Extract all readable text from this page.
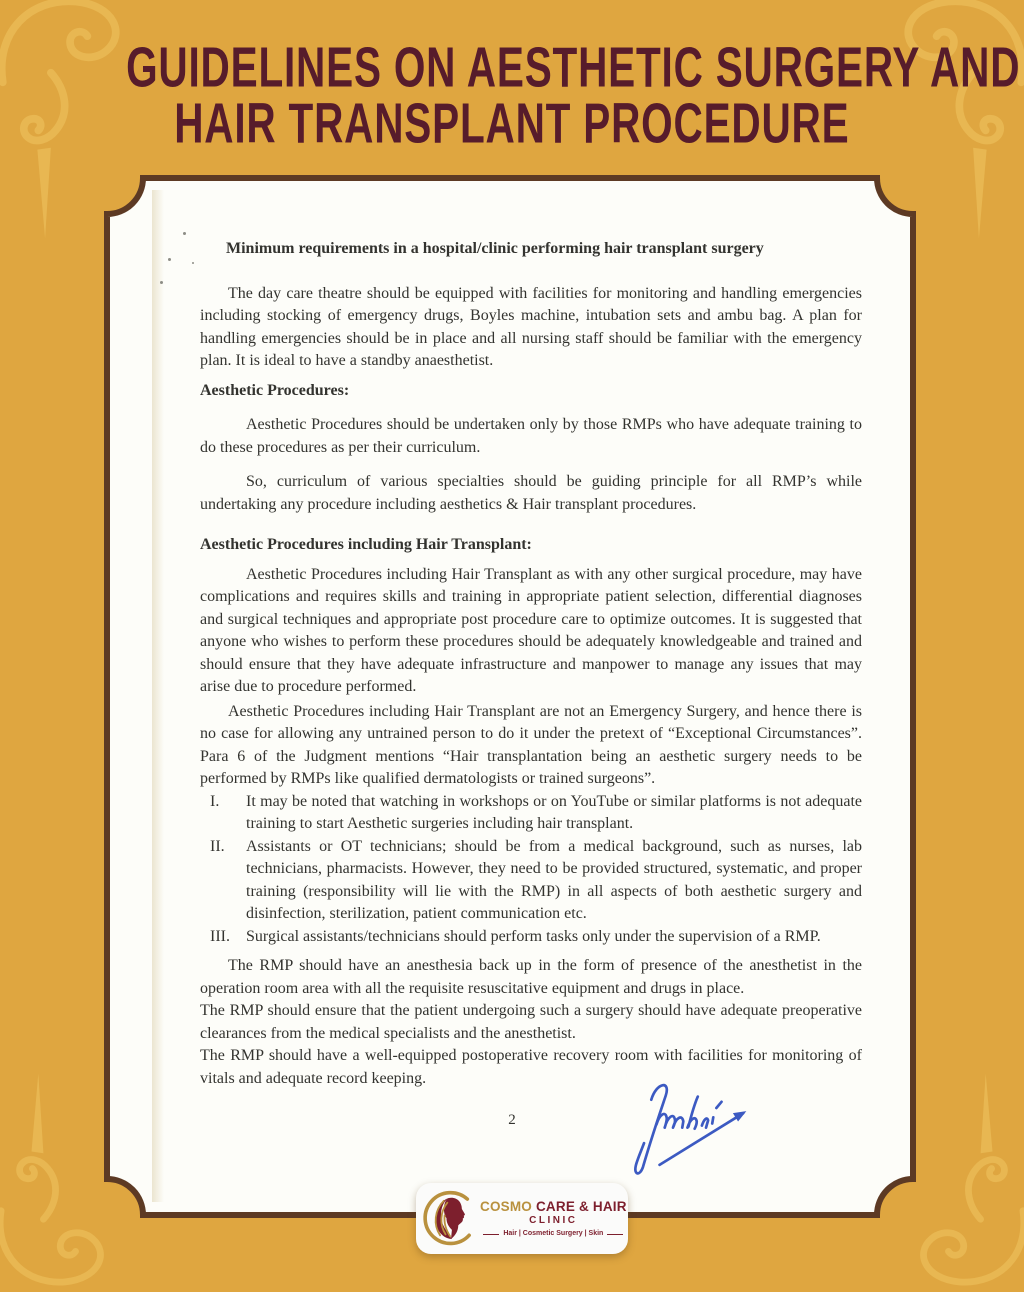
GUIDELINES ON AESTHETIC SURGERY AND
HAIR TRANSPLANT PROCEDURE
Minimum requirements in a hospital/clinic performing hair transplant surgery

The day care theatre should be equipped with facilities for monitoring and handling emergencies including stocking of emergency drugs, Boyles machine, intubation sets and ambu bag. A plan for handling emergencies should be in place and all nursing staff should be familiar with the emergency plan. It is ideal to have a standby anaesthetist.

Aesthetic Procedures:

Aesthetic Procedures should be undertaken only by those RMPs who have adequate training to do these procedures as per their curriculum.

So, curriculum of various specialties should be guiding principle for all RMP’s while undertaking any procedure including aesthetics & Hair transplant procedures.

Aesthetic Procedures including Hair Transplant:

Aesthetic Procedures including Hair Transplant as with any other surgical procedure, may have complications and requires skills and training in appropriate patient selection, differential diagnoses and surgical techniques and appropriate post procedure care to optimize outcomes. It is suggested that anyone who wishes to perform these procedures should be adequately knowledgeable and trained and should ensure that they have adequate infrastructure and manpower to manage any issues that may arise due to procedure performed.

Aesthetic Procedures including Hair Transplant are not an Emergency Surgery, and hence there is no case for allowing any untrained person to do it under the pretext of “Exceptional Circumstances”. Para 6 of the Judgment mentions “Hair transplantation being an aesthetic surgery needs to be performed by RMPs like qualified dermatologists or trained surgeons”.

I.	It may be noted that watching in workshops or on YouTube or similar platforms is not adequate training to start Aesthetic surgeries including hair transplant.
II.	Assistants or OT technicians; should be from a medical background, such as nurses, lab technicians, pharmacists. However, they need to be provided structured, systematic, and proper training (responsibility will lie with the RMP) in all aspects of both aesthetic surgery and disinfection, sterilization, patient communication etc.
III.	Surgical assistants/technicians should perform tasks only under the supervision of a RMP.

The RMP should have an anesthesia back up in the form of presence of the anesthetist in the operation room area with all the requisite resuscitative equipment and drugs in place.

The RMP should ensure that the patient undergoing such a surgery should have adequate preoperative clearances from the medical specialists and the anesthetist.

The RMP should have a well-equipped postoperative recovery room with facilities for monitoring of vitals and adequate record keeping.

2
COSMO CARE & HAIR
CLINIC
Hair | Cosmetic Surgery | Skin
